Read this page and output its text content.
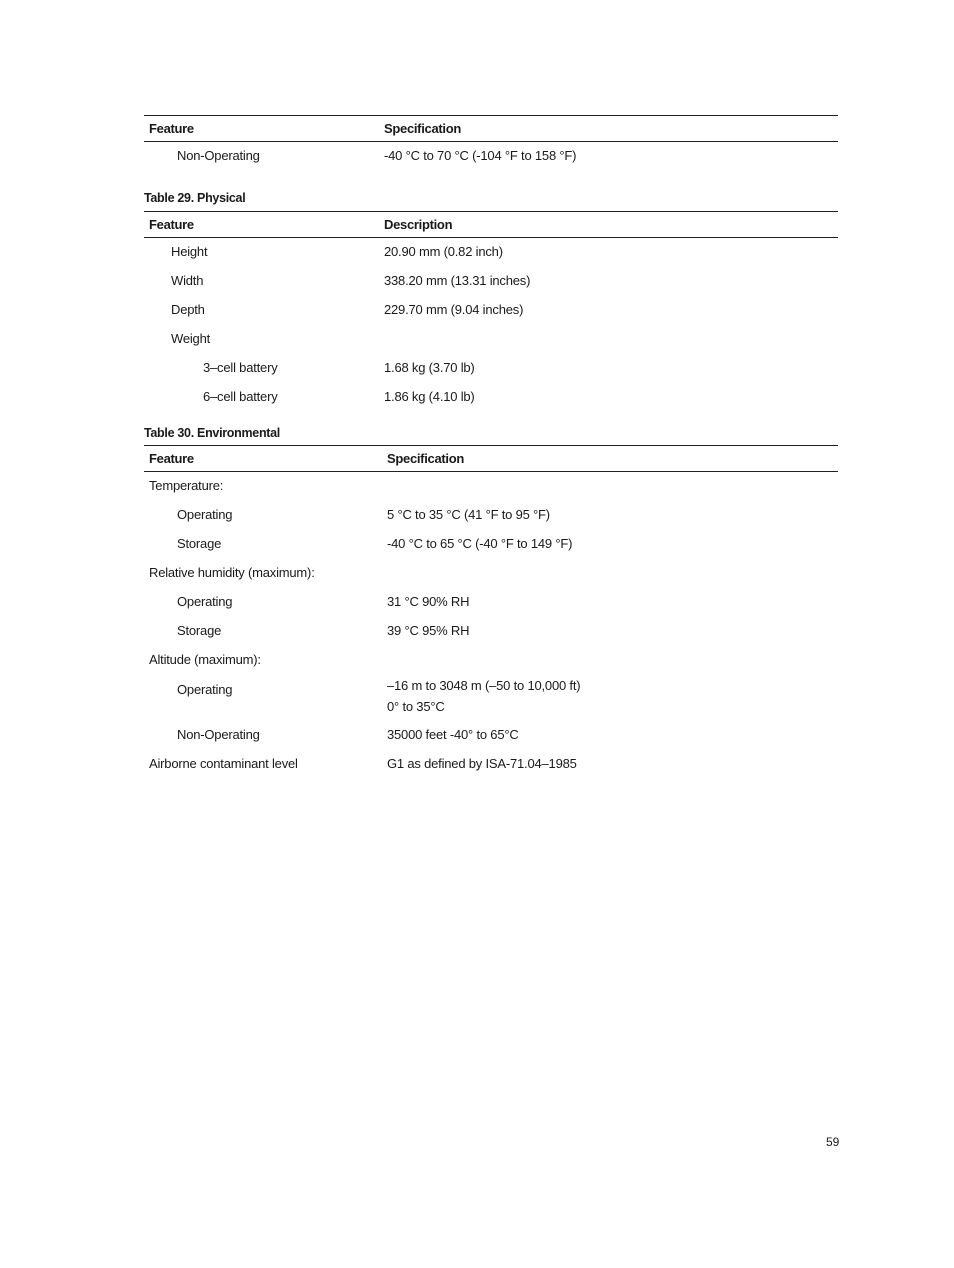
Feature	Specification
Non-Operating	-40 °C to 70 °C (-104 °F to 158 °F)
Table 29. Physical
Feature	Description
Height	20.90 mm (0.82 inch)
Width	338.20 mm (13.31 inches)
Depth	229.70 mm (9.04 inches)
Weight
3–cell battery	1.68 kg (3.70 lb)
6–cell battery	1.86 kg (4.10 lb)
Table 30. Environmental
Feature	Specification
Temperature:
Operating	5 °C to 35 °C (41 °F to 95 °F)
Storage	-40 °C to 65 °C (-40 °F to 149 °F)
Relative humidity (maximum):
Operating	31 °C 90% RH
Storage	39 °C 95% RH
Altitude (maximum):
Operating	–16 m to 3048 m (–50 to 10,000 ft)
0° to 35°C
Non-Operating	35000 feet -40° to 65°C
Airborne contaminant level	G1 as defined by ISA-71.04–1985
59
